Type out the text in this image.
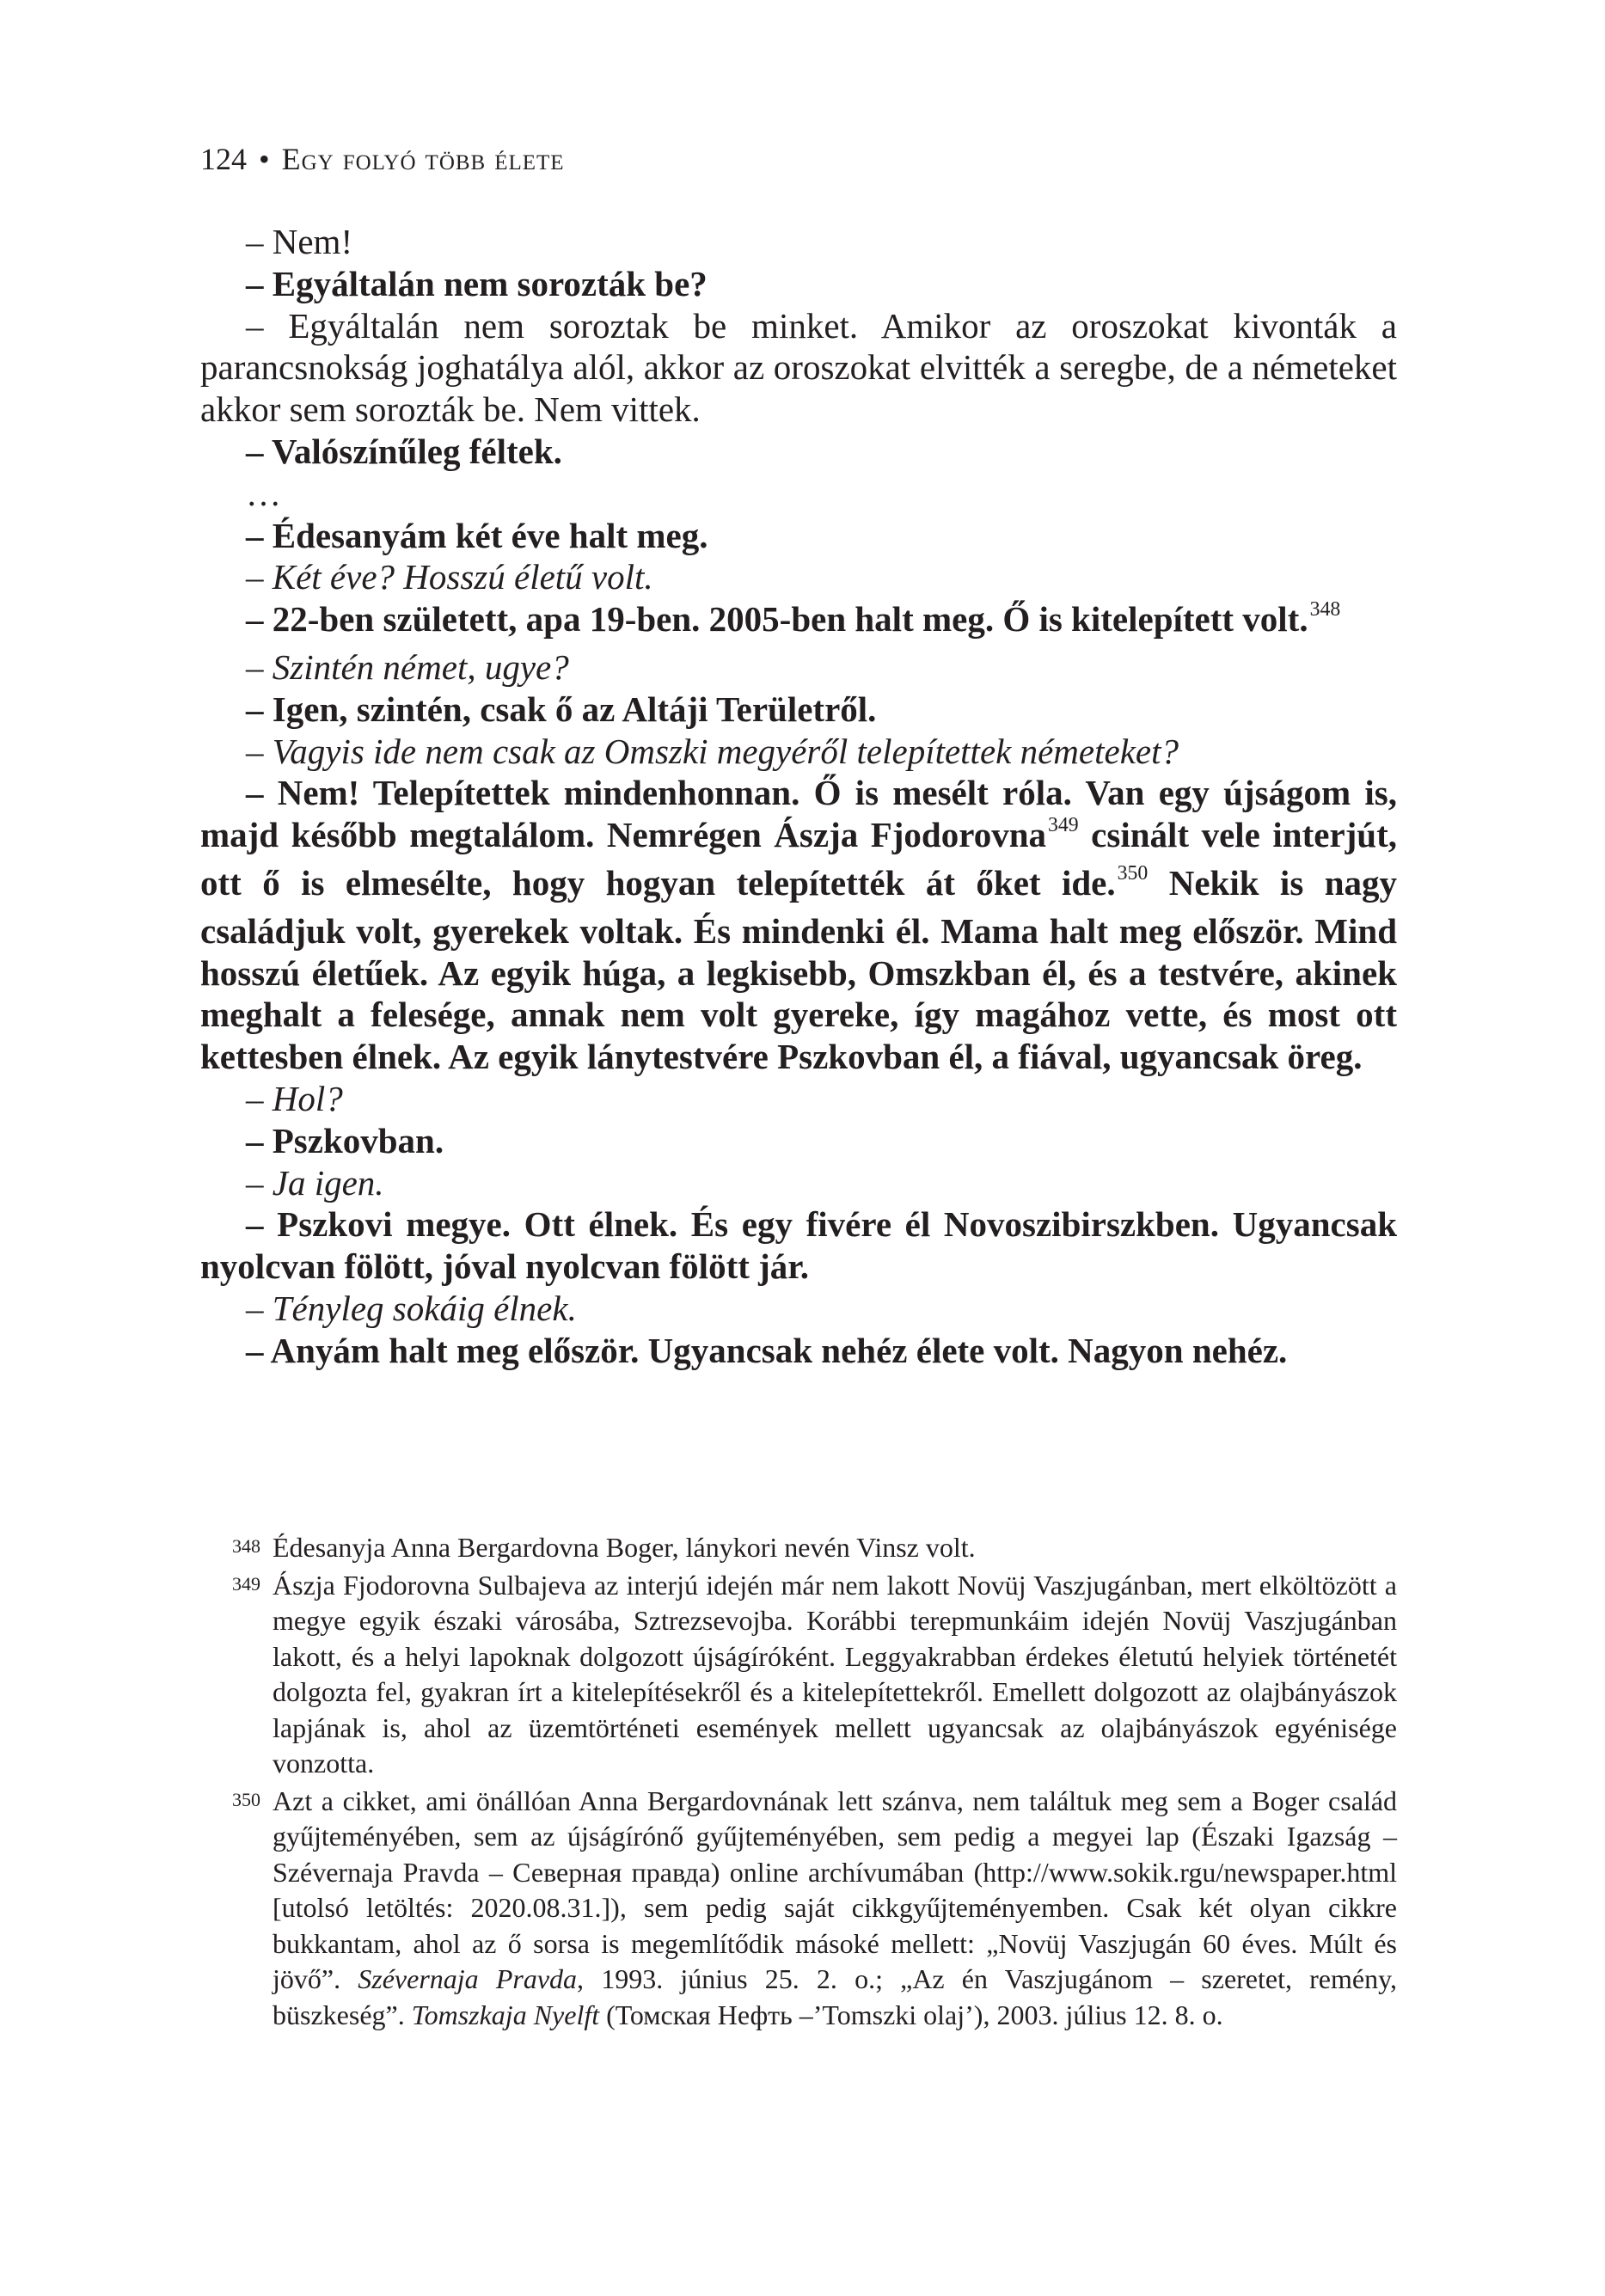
124 • Egy folyó több élete

– Nem!

– Egyáltalán nem sorozták be?

– Egyáltalán nem soroztak be minket. Amikor az oroszokat kivonták a parancsnokság joghatálya alól, akkor az oroszokat elvitték a seregbe, de a németeket akkor sem sorozták be. Nem vittek.

– Valószínűleg féltek.

…

– Édesanyám két éve halt meg.

– Két éve? Hosszú életű volt.

– 22-ben született, apa 19-ben. 2005-ben halt meg. Ő is kitelepített volt.$^{348}$

– Szintén német, ugye?

– Igen, szintén, csak ő az Altáji Területről.

– Vagyis ide nem csak az Omszki megyéről telepítettek németeket?

– Nem! Telepítettek mindenhonnan. Ő is mesélt róla. Van egy újságom is, majd később megtalálom. Nemrégen Ászja Fjodorovna$^{349}$ csinált vele interjút, ott ő is elmesélte, hogy hogyan telepítették át őket ide.$^{350}$ Nekik is nagy családjuk volt, gyerekek voltak. És mindenki él. Mama halt meg először. Mind hosszú életűek. Az egyik húga, a legkisebb, Omszkban él, és a testvére, akinek meghalt a felesége, annak nem volt gyereke, így magához vette, és most ott kettesben élnek. Az egyik lánytestvére Pszkovban él, a fiával, ugyancsak öreg.

– Hol?

– Pszkovban.

– Ja igen.

– Pszkovi megye. Ott élnek. És egy fivére él Novoszibirszkben. Ugyancsak nyolcvan fölött, jóval nyolcvan fölött jár.

– Tényleg sokáig élnek.

– Anyám halt meg először. Ugyancsak nehéz élete volt. Nagyon nehéz.

348 Édesanyja Anna Bergardovna Boger, lánykori nevén Vinsz volt.
349 Ászja Fjodorovna Sulbajeva az interjú idején már nem lakott Novüj Vaszjugánban, mert elköltözött a megye egyik északi városába, Sztrezsevojba. Korábbi terepmunkáim idején Novüj Vaszjugánban lakott, és a helyi lapoknak dolgozott újságíróként. Leggyakrabban érdekes életutú helyiek történetét dolgozta fel, gyakran írt a kitelepítésekről és a kitelepítettekről. Emellett dolgozott az olajbányászok lapjának is, ahol az üzemtörténeti események mellett ugyancsak az olajbányászok egyénisége vonzotta.
350 Azt a cikket, ami önállóan Anna Bergardovnának lett szánva, nem találtuk meg sem a Boger család gyűjteményében, sem az újságírónő gyűjteményében, sem pedig a megyei lap (Északi Igazság – Szévernaja Pravda – Северная правда) online archívumában (http://www.sokik.rgu/newspaper.html [utolsó letöltés: 2020.08.31.]), sem pedig saját cikkgyűjteményemben. Csak két olyan cikkre bukkantam, ahol az ő sorsa is megemlítődik másoké mellett: „Novüj Vaszjugán 60 éves. Múlt és jövő”. Szévernaja Pravda, 1993. június 25. 2. o.; „Az én Vaszjugánom – szeretet, remény, büszkeség”. Tomszkaja Nyelft (Томская Нефть –’Tomszki olaj’), 2003. július 12. 8. o.
